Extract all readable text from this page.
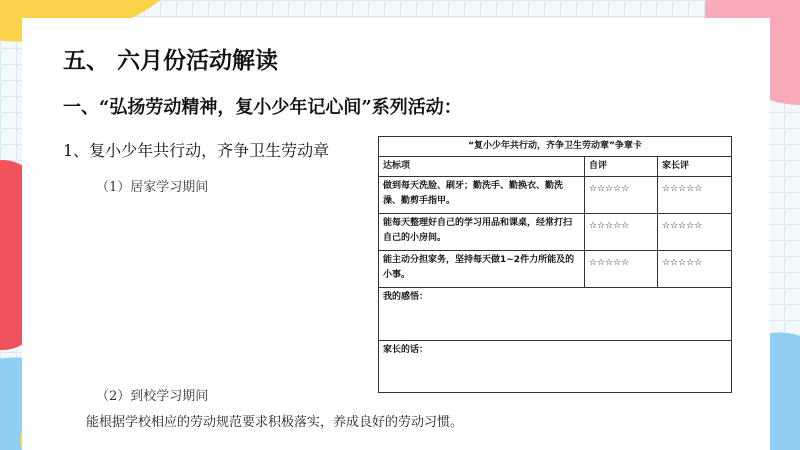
五、 六月份活动解读
一、“弘扬劳动精神，复小少年记心间”系列活动：
1、复小少年共行动，齐争卫生劳动章
（1）居家学习期间
“复小少年共行动，齐争卫生劳动章”争章卡		
达标项	自评	家长评
做到每天洗脸、刷牙；勤洗手、勤换衣、勤洗澡、勤剪手指甲。	☆☆☆☆☆	☆☆☆☆☆
能每天整理好自己的学习用品和课桌，经常打扫自己的小房间。	☆☆☆☆☆	☆☆☆☆☆
能主动分担家务，坚持每天做1~2件力所能及的小事。	☆☆☆☆☆	☆☆☆☆☆
我的感悟：		
家长的话：		
（2）到校学习期间
能根据学校相应的劳动规范要求积极落实，养成良好的劳动习惯。
